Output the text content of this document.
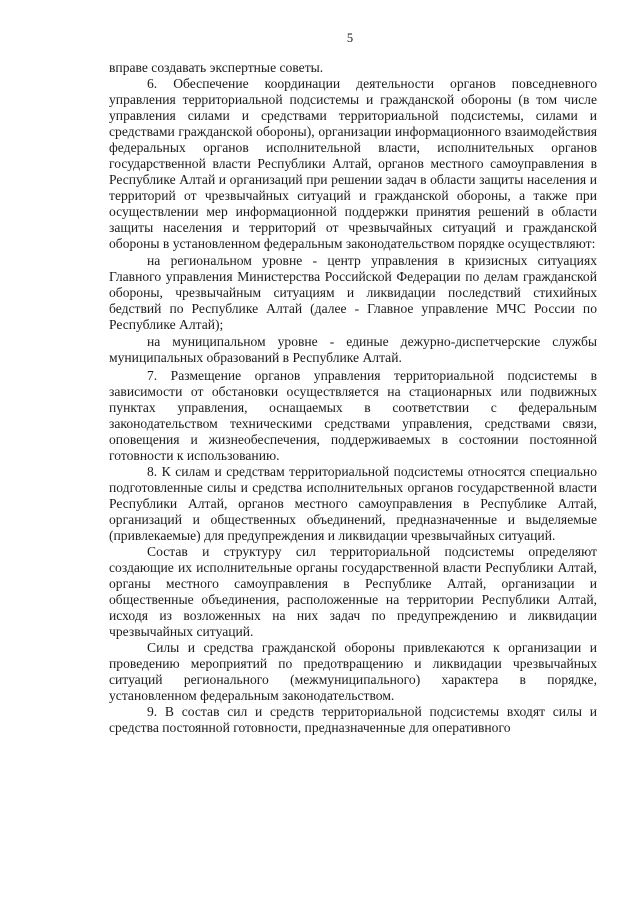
5

вправе создавать экспертные советы.

6. Обеспечение координации деятельности органов повседневного управления территориальной подсистемы и гражданской обороны (в том числе управления силами и средствами территориальной подсистемы, силами и средствами гражданской обороны), организации информационного взаимодействия федеральных органов исполнительной власти, исполнительных органов государственной власти Республики Алтай, органов местного самоуправления в Республике Алтай и организаций при решении задач в области защиты населения и территорий от чрезвычайных ситуаций и гражданской обороны, а также при осуществлении мер информационной поддержки принятия решений в области защиты населения и территорий от чрезвычайных ситуаций и гражданской обороны в установленном федеральным законодательством порядке осуществляют:

на региональном уровне - центр управления в кризисных ситуациях Главного управления Министерства Российской Федерации по делам гражданской обороны, чрезвычайным ситуациям и ликвидации последствий стихийных бедствий по Республике Алтай (далее - Главное управление МЧС России по Республике Алтай);

на муниципальном уровне - единые дежурно-диспетчерские службы муниципальных образований в Республике Алтай.

7. Размещение органов управления территориальной подсистемы в зависимости от обстановки осуществляется на стационарных или подвижных пунктах управления, оснащаемых в соответствии с федеральным законодательством техническими средствами управления, средствами связи, оповещения и жизнеобеспечения, поддерживаемых в состоянии постоянной готовности к использованию.

8. К силам и средствам территориальной подсистемы относятся специально подготовленные силы и средства исполнительных органов государственной власти Республики Алтай, органов местного самоуправления в Республике Алтай, организаций и общественных объединений, предназначенные и выделяемые (привлекаемые) для предупреждения и ликвидации чрезвычайных ситуаций.

Состав и структуру сил территориальной подсистемы определяют создающие их исполнительные органы государственной власти Республики Алтай, органы местного самоуправления в Республике Алтай, организации и общественные объединения, расположенные на территории Республики Алтай, исходя из возложенных на них задач по предупреждению и ликвидации чрезвычайных ситуаций.

Силы и средства гражданской обороны привлекаются к организации и проведению мероприятий по предотвращению и ликвидации чрезвычайных ситуаций регионального (межмуниципального) характера в порядке, установленном федеральным законодательством.

9. В состав сил и средств территориальной подсистемы входят силы и средства постоянной готовности, предназначенные для оперативного
